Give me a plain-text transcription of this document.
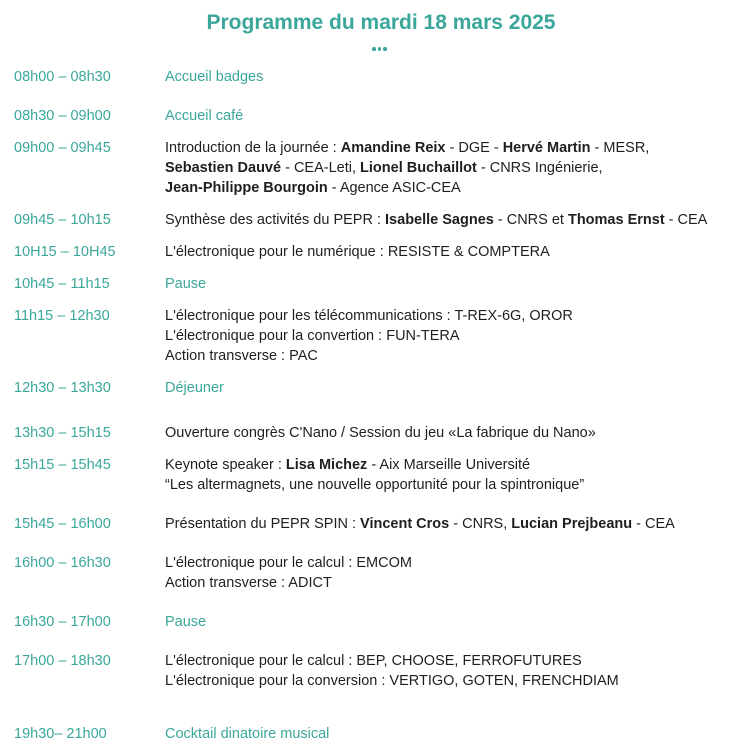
Programme du mardi 18 mars 2025
08h00 – 08h30	Accueil badges
08h30 – 09h00	Accueil café
09h00 – 09h45	Introduction de la journée : Amandine Reix - DGE - Hervé Martin - MESR,
Sebastien Dauvé - CEA-Leti, Lionel Buchaillot - CNRS Ingénierie,
Jean-Philippe Bourgoin - Agence ASIC-CEA
09h45 – 10h15	Synthèse des activités du PEPR : Isabelle Sagnes - CNRS et Thomas Ernst - CEA
10H15 – 10H45	L'électronique pour le numérique : RESISTE & COMPTERA
10h45 – 11h15	Pause
11h15 – 12h30	L'électronique pour les télécommunications : T-REX-6G, OROR
L'électronique pour la convertion : FUN-TERA
Action transverse : PAC
12h30 – 13h30	Déjeuner
13h30 – 15h15	Ouverture congrès C'Nano / Session du jeu «La fabrique du Nano»
15h15 – 15h45	Keynote speaker : Lisa Michez - Aix Marseille Université
“Les altermagnets, une nouvelle opportunité pour la spintronique”
15h45 – 16h00	Présentation du PEPR SPIN : Vincent Cros - CNRS, Lucian Prejbeanu - CEA
16h00 – 16h30	L'électronique pour le calcul : EMCOM
Action transverse : ADICT
16h30 – 17h00	Pause
17h00 – 18h30	L'électronique pour le calcul : BEP, CHOOSE, FERROFUTURES
L'électronique pour la conversion : VERTIGO, GOTEN, FRENCHDIAM
19h30– 21h00	Cocktail dinatoire musical
